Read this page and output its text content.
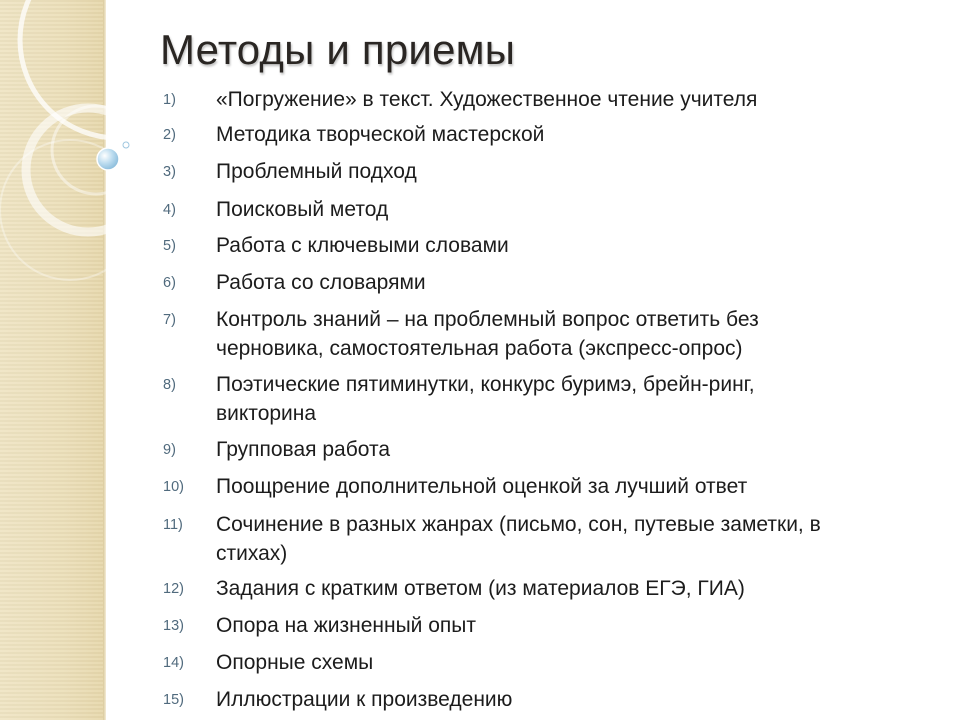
Методы и приемы
1)	«Погружение» в текст. Художественное чтение учителя
2)	Методика творческой мастерской
3)	Проблемный подход
4)	Поисковый метод
5)	Работа с ключевыми словами
6)	Работа со словарями
7)	Контроль знаний – на проблемный вопрос ответить без
черновика, самостоятельная работа (экспресс-опрос)
8)	Поэтические пятиминутки, конкурс буримэ, брейн-ринг,
викторина
9)	Групповая работа
10)	Поощрение дополнительной оценкой за лучший ответ
11)	Сочинение в разных жанрах (письмо, сон, путевые заметки, в
стихах)
12)	Задания с кратким ответом (из материалов ЕГЭ, ГИА)
13)	Опора на жизненный опыт
14)	Опорные схемы
15)	Иллюстрации к произведению
